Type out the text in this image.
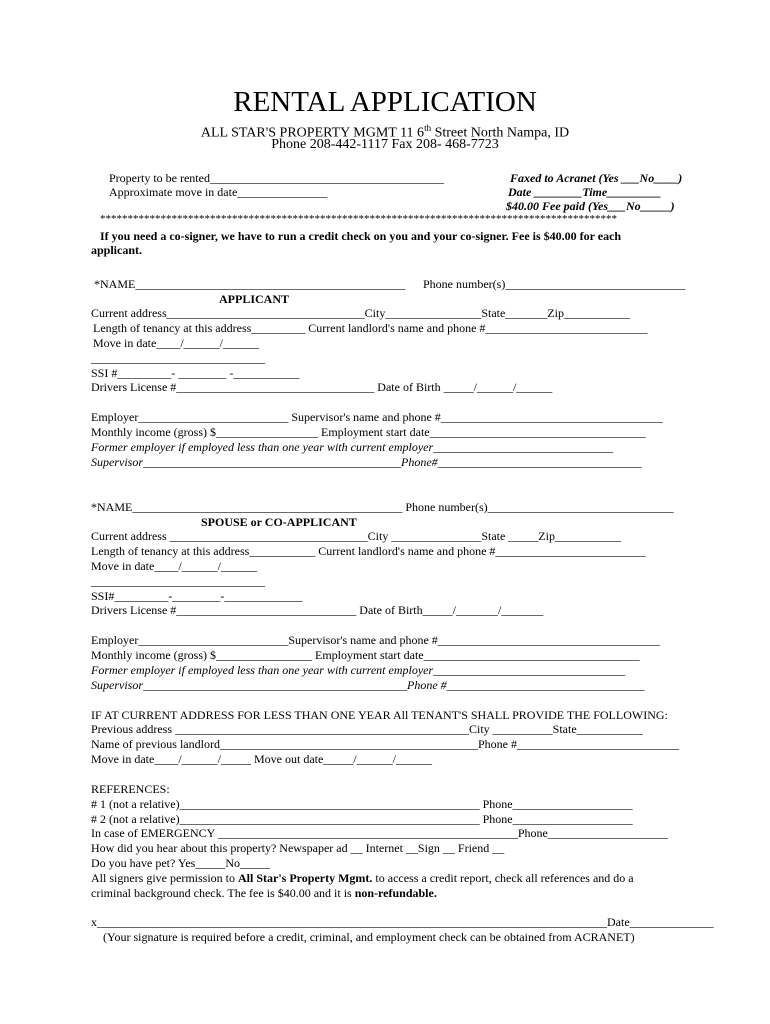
RENTAL APPLICATION
ALL STAR'S PROPERTY MGMT 11 6th Street North Nampa, ID
Phone 208-442-1117 Fax 208- 468-7723
Property to be rented_______________________________________
Approximate move in date_______________
Faxed to Acranet (Yes ___No____)
Date ________Time_________
$40.00 Fee paid (Yes___No_____)
**********************************************************************************************
If you need a co-signer, we have to run a credit check on you and your co-signer. Fee is $40.00 for each
applicant.
*NAME_____________________________________________ Phone number(s)______________________________
APPLICANT
Current address_________________________________City________________State_______Zip___________
Length of tenancy at this address_________ Current landlord's name and phone #___________________________
Move in date____/______/______
_____________________________
SSI #_________- ________ -___________
Drivers License #_________________________________ Date of Birth _____/______/______
Employer_________________________ Supervisor's name and phone #_____________________________________
Monthly income (gross) $_________________ Employment start date____________________________________
Former employer if employed less than one year with current employer______________________________
Supervisor___________________________________________Phone#__________________________________
*NAME_____________________________________________ Phone number(s)_______________________________
SPOUSE or CO-APPLICANT
Current address _________________________________City _______________State _____Zip___________
Length of tenancy at this address___________ Current landlord's name and phone #_________________________
Move in date____/______/______
_____________________________
SSI#_________-________-_____________
Drivers License #______________________________ Date of Birth_____/_______/_______
Employer_________________________Supervisor's name and phone #_____________________________________
Monthly income (gross) $________________ Employment start date____________________________________
Former employer if employed less than one year with current employer________________________________
Supervisor____________________________________________Phone #_________________________________
IF AT CURRENT ADDRESS FOR LESS THAN ONE YEAR All TENANT'S SHALL PROVIDE THE FOLLOWING:
Previous address _________________________________________________City __________State___________
Name of previous landlord___________________________________________Phone #___________________________
Move in date____/______/_____ Move out date_____/______/______
REFERENCES:
# 1 (not a relative)__________________________________________________ Phone____________________
# 2 (not a relative)__________________________________________________ Phone____________________
In case of EMERGENCY __________________________________________________Phone____________________
How did you hear about this property? Newspaper ad __ Internet __Sign __ Friend __
Do you have pet? Yes_____No_____
All signers give permission to All Star's Property Mgmt. to access a credit report, check all references and do a
criminal background check. The fee is $40.00 and it is non-refundable.
x_____________________________________________________________________________________Date______________
(Your signature is required before a credit, criminal, and employment check can be obtained from ACRANET)
